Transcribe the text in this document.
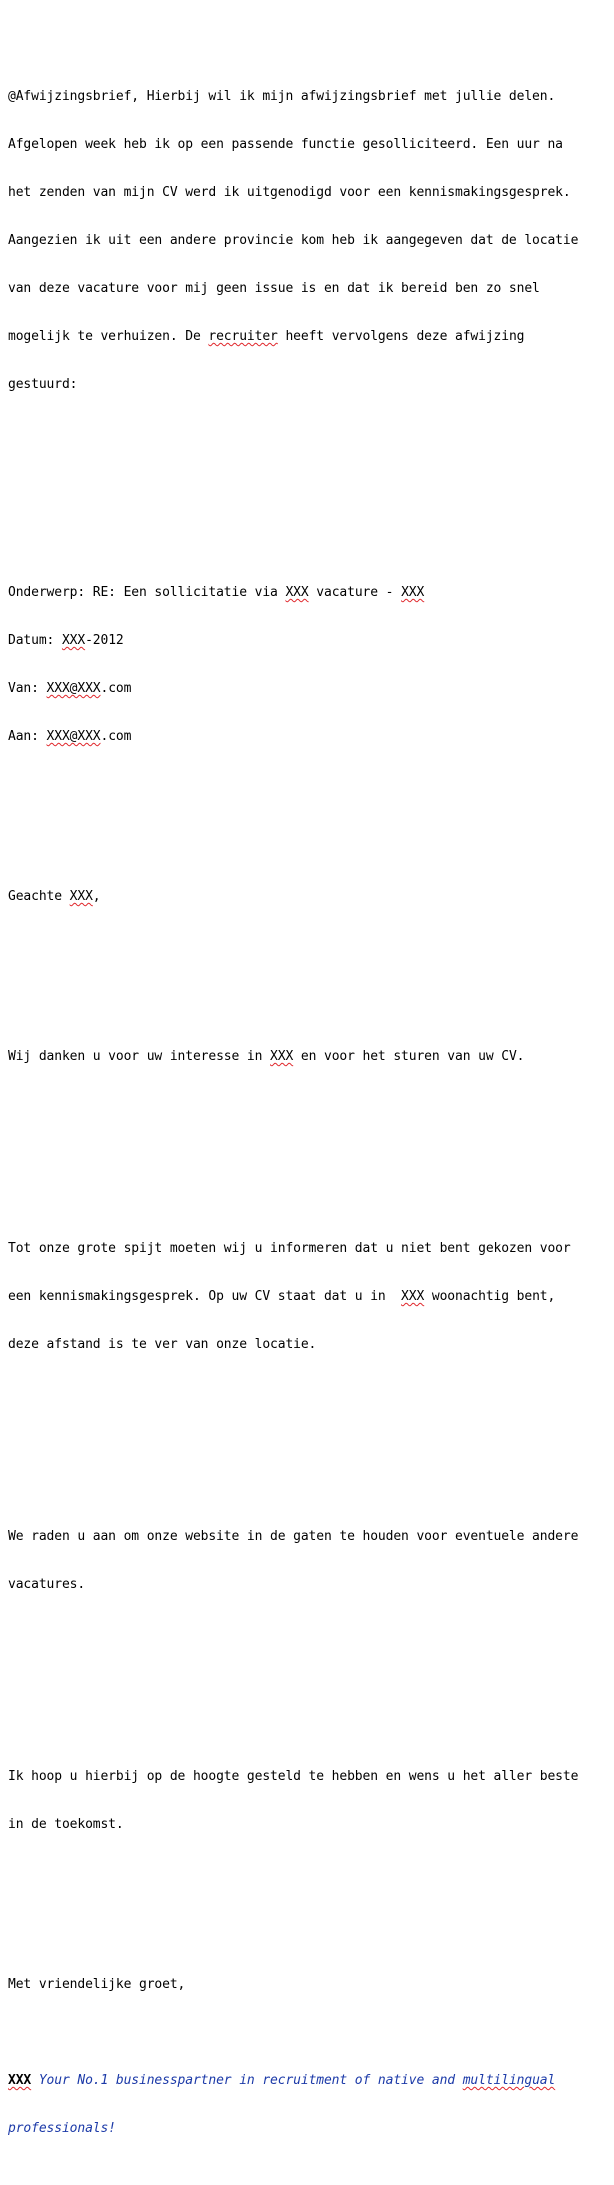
@Afwijzingsbrief, Hierbij wil ik mijn afwijzingsbrief met jullie delen.

Afgelopen week heb ik op een passende functie gesolliciteerd. Een uur na

het zenden van mijn CV werd ik uitgenodigd voor een kennismakingsgesprek.

Aangezien ik uit een andere provincie kom heb ik aangegeven dat de locatie

van deze vacature voor mij geen issue is en dat ik bereid ben zo snel

mogelijk te verhuizen. De recruiter heeft vervolgens deze afwijzing

gestuurd:

Onderwerp: RE: Een sollicitatie via XXX vacature - XXX

Datum: XXX-2012

Van: XXX@XXX.com

Aan: XXX@XXX.com

Geachte XXX,

Wij danken u voor uw interesse in XXX en voor het sturen van uw CV.

Tot onze grote spijt moeten wij u informeren dat u niet bent gekozen voor

een kennismakingsgesprek. Op uw CV staat dat u in  XXX woonachtig bent,

deze afstand is te ver van onze locatie.

We raden u aan om onze website in de gaten te houden voor eventuele andere

vacatures.

Ik hoop u hierbij op de hoogte gesteld te hebben en wens u het aller beste

in de toekomst.

Met vriendelijke groet,

XXX Your No.1 businesspartner in recruitment of native and multilingual

professionals!
